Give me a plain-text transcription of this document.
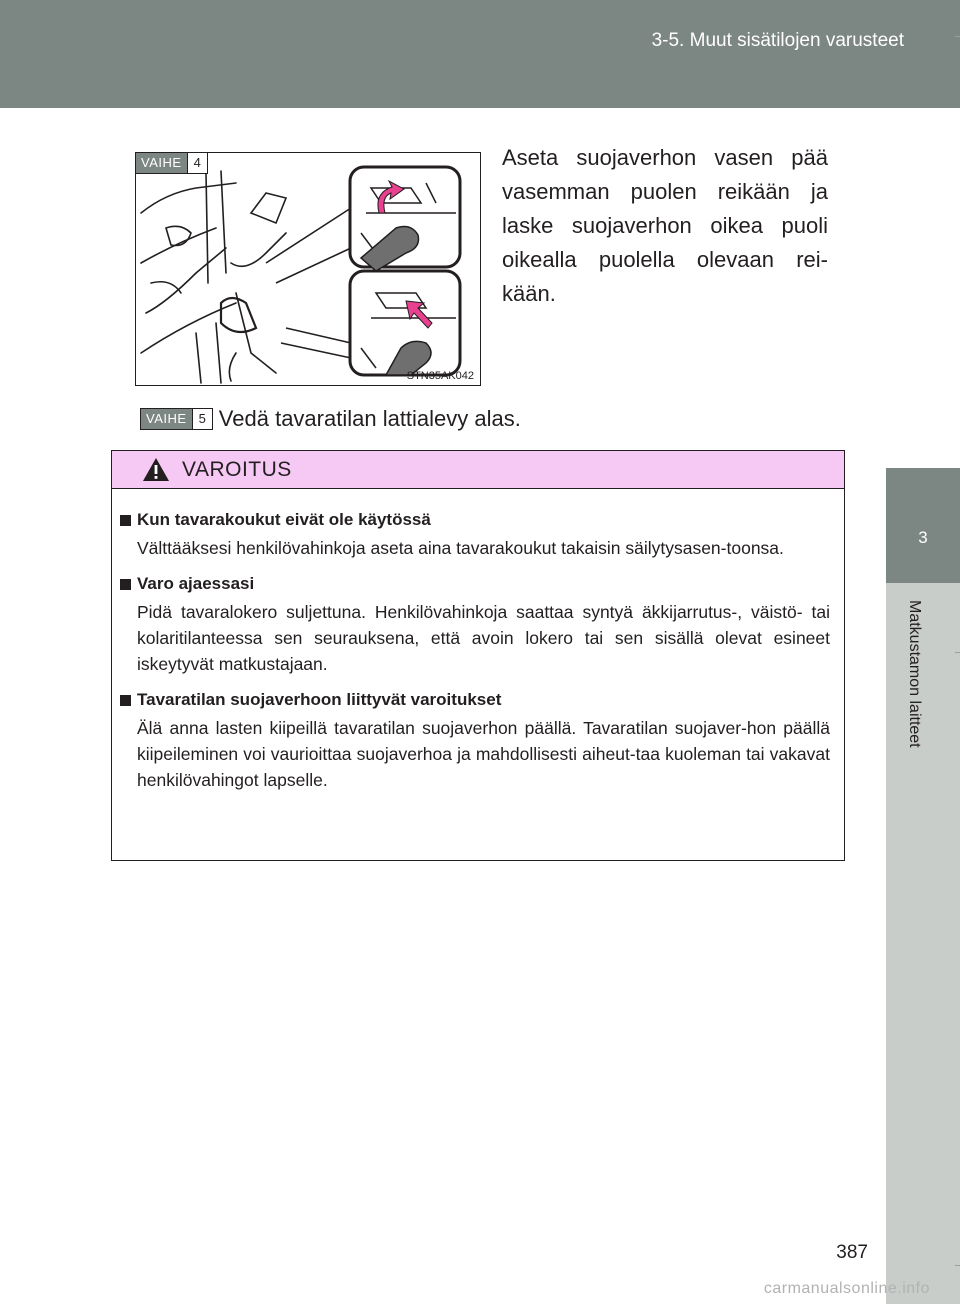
3-5. Muut sisätilojen varusteet
3
Matkustamon laitteet
VAIHE 4
STN35AK042

Aseta suojaverhon vasen pää vasemman puolen reikään ja laske suojaverhon oikea puoli oikealla puolella olevaan rei-kään.

VAIHE 5 Vedä tavaratilan lattialevy alas.
VAROITUS
Kun tavarakoukut eivät ole käytössä

Välttääksesi henkilövahinkoja aseta aina tavarakoukut takaisin säilytysasen-toonsa.

Varo ajaessasi

Pidä tavaralokero suljettuna. Henkilövahinkoja saattaa syntyä äkkijarrutus-, väistö- tai kolaritilanteessa sen seurauksena, että avoin lokero tai sen sisällä olevat esineet iskeytyvät matkustajaan.

Tavaratilan suojaverhoon liittyvät varoitukset

Älä anna lasten kiipeillä tavaratilan suojaverhon päällä. Tavaratilan suojaver-hon päällä kiipeileminen voi vaurioittaa suojaverhoa ja mahdollisesti aiheut-taa kuoleman tai vakavat henkilövahingot lapselle.

387
carmanualsonline.info
